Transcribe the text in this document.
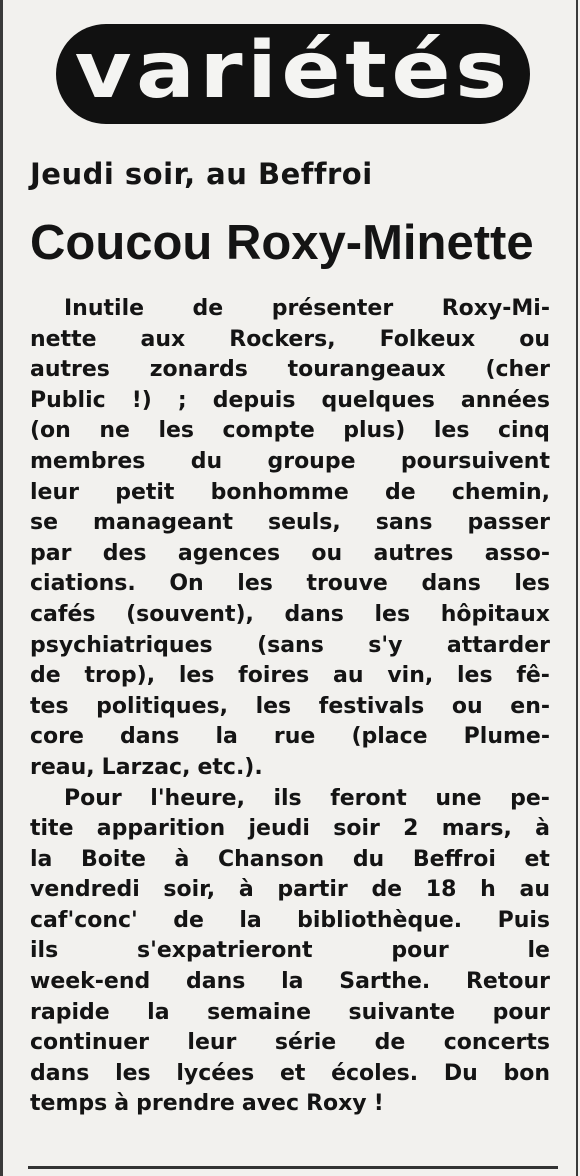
variétés
Jeudi soir, au Beffroi
Coucou Roxy-Minette
Inutile de présenter Roxy-Mi-
nette aux Rockers, Folkeux ou
autres zonards tourangeaux (cher
Public !) ; depuis quelques années
(on ne les compte plus) les cinq
membres du groupe poursuivent
leur petit bonhomme de chemin,
se manageant seuls, sans passer
par des agences ou autres asso-
ciations. On les trouve dans les
cafés (souvent), dans les hôpitaux
psychiatriques (sans s'y attarder
de trop), les foires au vin, les fê-
tes politiques, les festivals ou en-
core dans la rue (place Plume-
reau, Larzac, etc.).
Pour l'heure, ils feront une pe-
tite apparition jeudi soir 2 mars, à
la Boite à Chanson du Beffroi et
vendredi soir, à partir de 18 h au
caf'conc' de la bibliothèque. Puis
ils	s'expatrieront	pour	le
week-end dans la Sarthe. Retour
rapide la semaine suivante pour
continuer leur série de concerts
dans les lycées et écoles. Du bon
temps à prendre avec Roxy !
